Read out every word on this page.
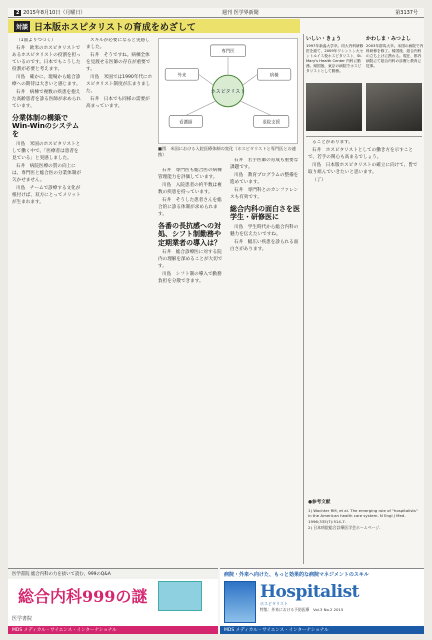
2 2015年8月10日（月曜日）	週刊 医学界新聞	第3137号
対談 日本版ホスピタリストの育成をめざして

（1面よりつづく）

石井　欧米のホスピタリストであるホスピタリストの役割を担っているのです。日本でもこうした役割が必要と考えます。

川島　確かに、現場から総合診療への期待は大きいと感じます。

石井　病棟で複数の疾患を抱えた高齢患者を診る医師が求められています。

分業体制の構築でWin-Winのシステムを

川島　米国のホスピタリストとして働く中で、「医療者は患者を見ている」と実感しました。

石井　病院医療の質の向上には、専門医と総合医の分業体制が欠かせません。

川島　チームで診療する文化が根付けば、双方にとってメリットが生まれます。

スキルが必要になると実感しました。

石井　そうですね。病棟全体を見渡せる医師の存在が重要です。

川島　米国では1990年代にホスピタリスト制度が広まりました。

石井　日本でも同様の需要が高まっています。

ホスピタリスト
専門医
外来	病棟
看護師	退院支援
■図　米国における入院医療体制の変化（ホスピタリストと専門医との連携）

石井　専門医も総合医の病棟管理能力を評価しています。

川島　入院患者の約半数は複数の疾患を持っています。

石井　そうした患者さんを総合的に診る体制が求められます。

各番の長抗感への対処、シフト制勤務や定期業者の導入は？

石井　総合診療医に対する院内の理解を深めることが大切です。

川島　シフト制の導入で勤務負担を分散できます。

石井　若手医師の育成も重要な課題です。

川島　教育プログラムの整備を進めています。

石井　専門科とのカンファレンスも有効です。

総合内科の面白さを医学生・研修医に

川島　学生時代から総合内科の魅力を伝えたいですね。

石井　幅広い疾患を診られる面白さがあります。

いしい・きょう
1997年新潟大学卒。同大内科研修医を経て、2009年ワシントン大セントルイス校ホスピタリスト、St. Mary's Health Center 内科に勤務。帰国後、東京の病院でホスピタリストとして勤務。
かわしま・みつよし
2003年群馬大卒。米国の病院で内科研修を修了。帰国後、総合内科の立ち上げに携わる。現在、都内病院にて総合内科の診療と教育に従事。

ることがあります。

石井　ホスピタリストとしての働き方を示すことで、若手の関心も高まるでしょう。

川島　日本版ホスピタリストの確立に向けて、皆で取り組んでいきたいと思います。

（了）

●参考文献
1) Wachter RM, et al. The emerging role of "hospitalists" in the American health care system. N Engl J Med. 1996;335(7):514-7.
2) 日本病院総合診療医学会ホームページ.
医学書院 総合内科の力を抜いて読む、999のQ&A
総合内科999の謎
医学書院
MDS メディカル・サイエンス・インターナショナル
病院・外来へ向けた、もっと効果的な病院マネジメントのスキル
Hospitalist
ホスピタリスト
特集：外来における予防医療　Vol.3 No.2 2015
MDS メディカル・サイエンス・インターナショナル
